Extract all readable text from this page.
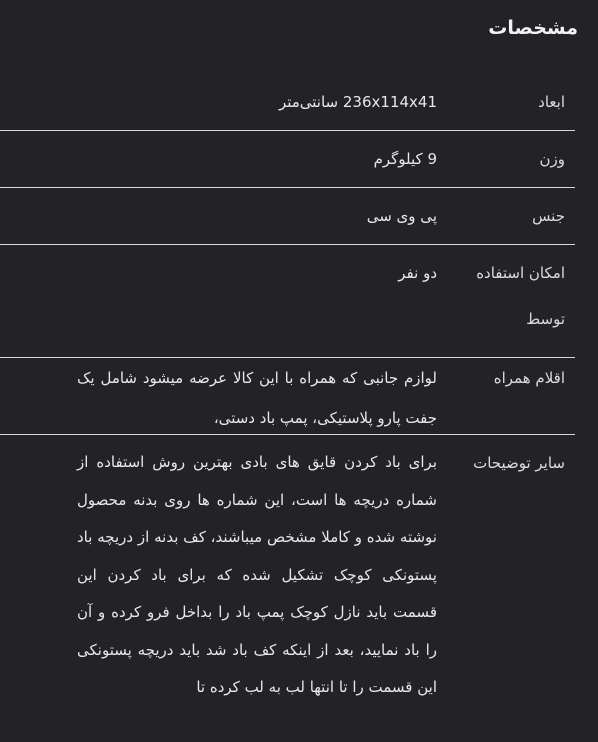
مشخصات
ابعاد
236x114x41 سانتی‌متر
وزن
9 کیلوگرم
جنس
پی وی سی
امکان استفاده
توسط
دو نفر
اقلام همراه
لوازم جانبی که همراه با این کالا عرضه میشود شامل یک جفت پارو پلاستیکی، پمپ باد دستی،
سایر توضیحات
برای باد کردن قایق های بادی بهترین روش استفاده از شماره دریچه ها است، این شماره ها روی بدنه محصول نوشته شده و کاملا مشخص میباشند، کف بدنه از دریچه باد پستونکی کوچک تشکیل شده که برای باد کردن این قسمت باید نازل کوچک پمپ باد را بداخل فرو کرده و آن را باد نمایید، بعد از اینکه کف باد شد باید دریچه پستونکی این قسمت را تا انتها لب به لب کرده تا
